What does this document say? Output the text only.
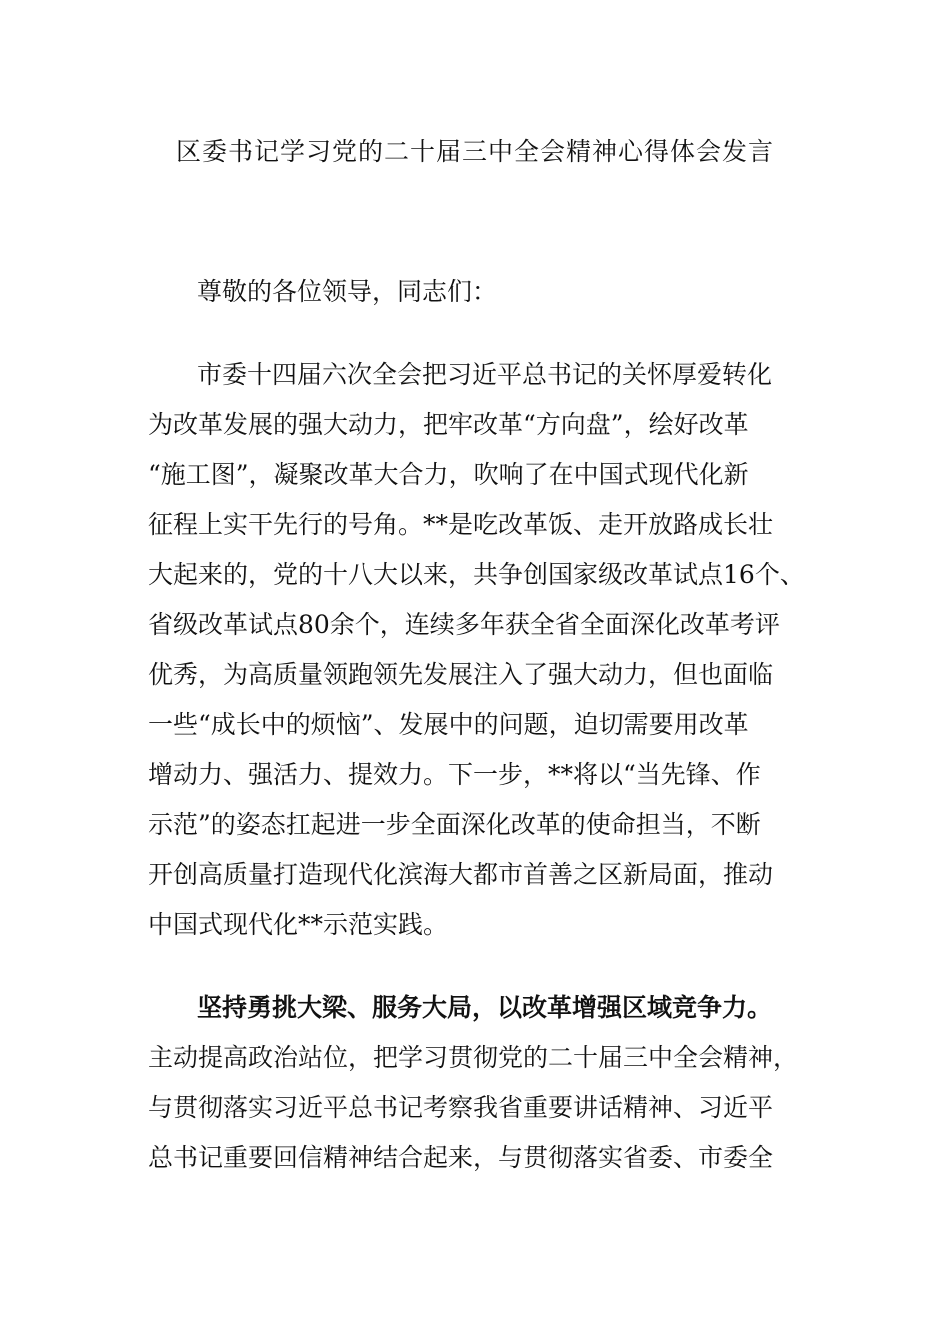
区委书记学习党的二十届三中全会精神心得体会发言
尊敬的各位领导，同志们：
市委十四届六次全会把习近平总书记的关怀厚爱转化
为改革发展的强大动力，把牢改革“方向盘”，绘好改革
“施工图”，凝聚改革大合力，吹响了在中国式现代化新
征程上实干先行的号角。**是吃改革饭、走开放路成长壮
大起来的，党的十八大以来，共争创国家级改革试点16个、
省级改革试点80余个，连续多年获全省全面深化改革考评
优秀，为高质量领跑领先发展注入了强大动力，但也面临
一些“成长中的烦恼”、发展中的问题，迫切需要用改革
增动力、强活力、提效力。下一步，**将以“当先锋、作
示范”的姿态扛起进一步全面深化改革的使命担当，不断
开创高质量打造现代化滨海大都市首善之区新局面，推动
中国式现代化**示范实践。
坚持勇挑大梁、服务大局，以改革增强区域竞争力。
主动提高政治站位，把学习贯彻党的二十届三中全会精神，
与贯彻落实习近平总书记考察我省重要讲话精神、习近平
总书记重要回信精神结合起来，与贯彻落实省委、市委全
